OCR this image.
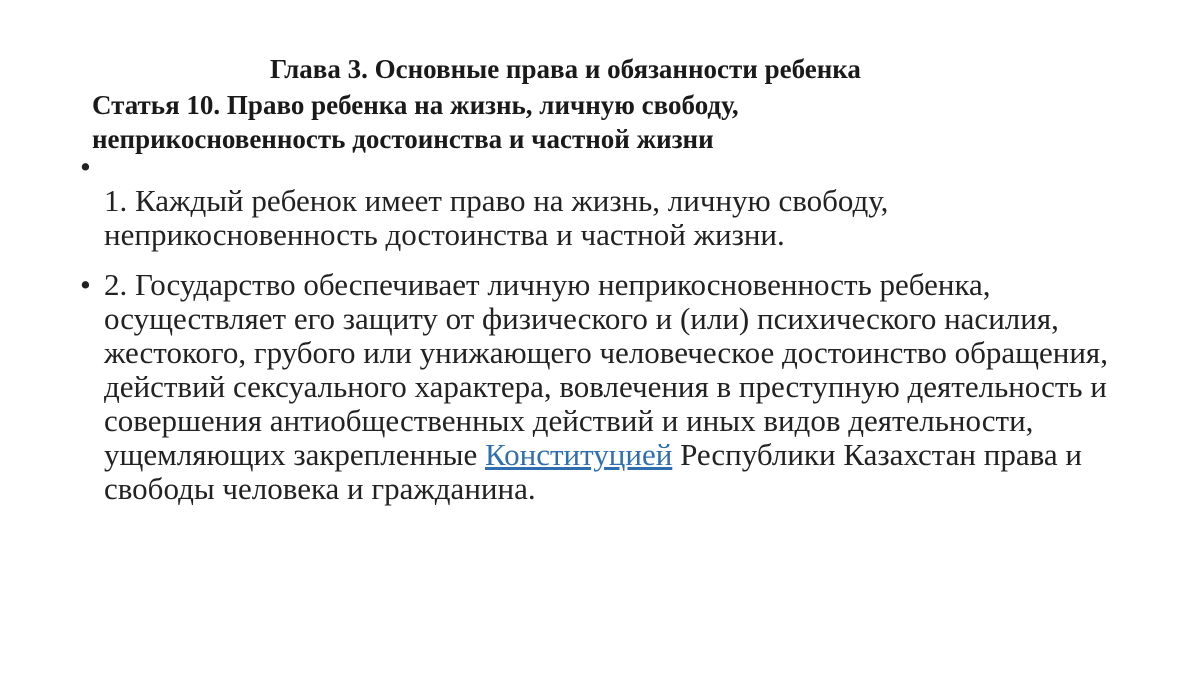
Глава 3. Основные права и обязанности ребенка
Статья 10. Право ребенка на жизнь, личную свободу, неприкосновенность достоинства и частной жизни
•
1. Каждый ребенок имеет право на жизнь, личную свободу, неприкосновенность достоинства и частной жизни.
• 2. Государство обеспечивает личную неприкосновенность ребенка, осуществляет его защиту от физического и (или) психического насилия, жестокого, грубого или унижающего человеческое достоинство обращения, действий сексуального характера, вовлечения в преступную деятельность и совершения антиобщественных действий и иных видов деятельности, ущемляющих закрепленные Конституцией Республики Казахстан права и свободы человека и гражданина.
